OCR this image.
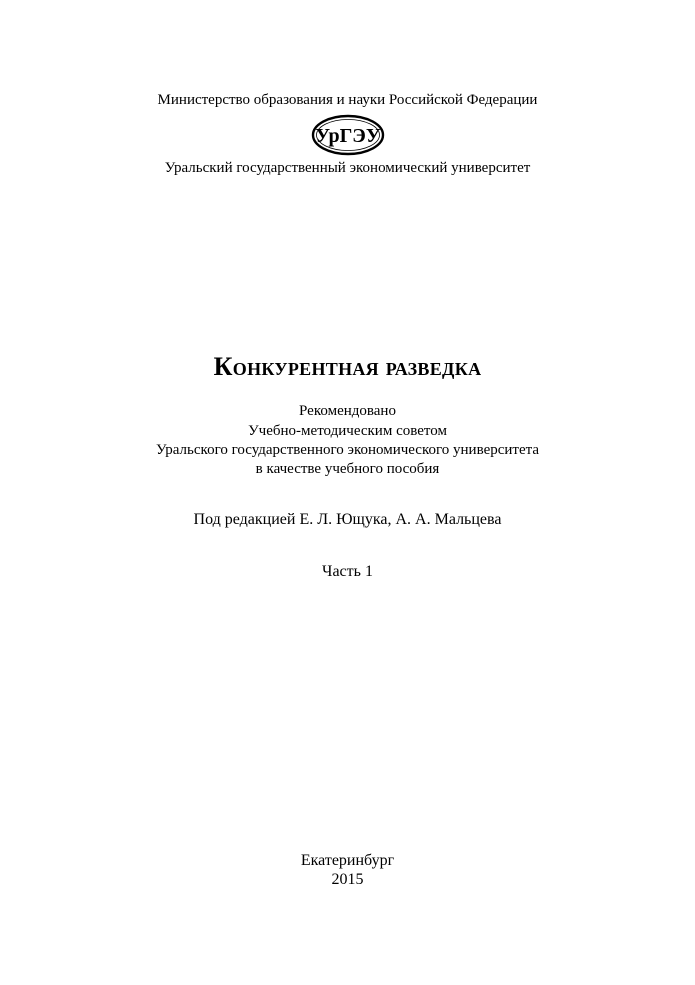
Министерство образования и науки Российской Федерации
УрГЭУ
Уральский государственный экономический университет
Конкурентная разведка
Рекомендовано
Учебно-методическим советом
Уральского государственного экономического университета
в качестве учебного пособия
Под редакцией Е. Л. Ющука, А. А. Мальцева
Часть 1
Екатеринбург
2015
